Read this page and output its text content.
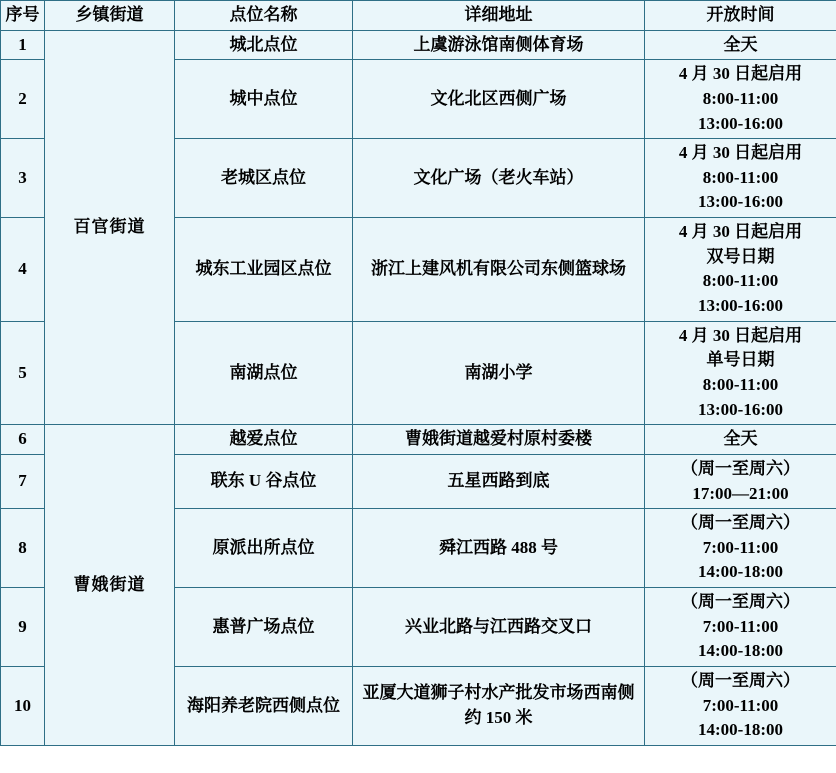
序号	乡镇街道	点位名称	详细地址	开放时间
1	百官街道	城北点位	上虞游泳馆南侧体育场	全天

2		城中点位	文化北区西侧广场	4 月 30 日起启用
8:00-11:00
13:00-16:00

3		老城区点位	文化广场（老火车站）	4 月 30 日起启用
8:00-11:00
13:00-16:00

4		城东工业园区点位	浙江上建风机有限公司东侧篮球场	4 月 30 日起启用
双号日期
8:00-11:00
13:00-16:00

5		南湖点位	南湖小学	4 月 30 日起启用
单号日期
8:00-11:00
13:00-16:00

6	曹娥街道	越爱点位	曹娥街道越爱村原村委楼	全天

7		联东 U 谷点位	五星西路到底	（周一至周六）
17:00—21:00

8		原派出所点位	舜江西路 488 号	（周一至周六）
7:00-11:00
14:00-18:00

9		惠普广场点位	兴业北路与江西路交叉口	（周一至周六）
7:00-11:00
14:00-18:00

10		海阳养老院西侧点位	亚厦大道狮子村水产批发市场西南侧约 150 米	（周一至周六）
7:00-11:00
14:00-18:00
